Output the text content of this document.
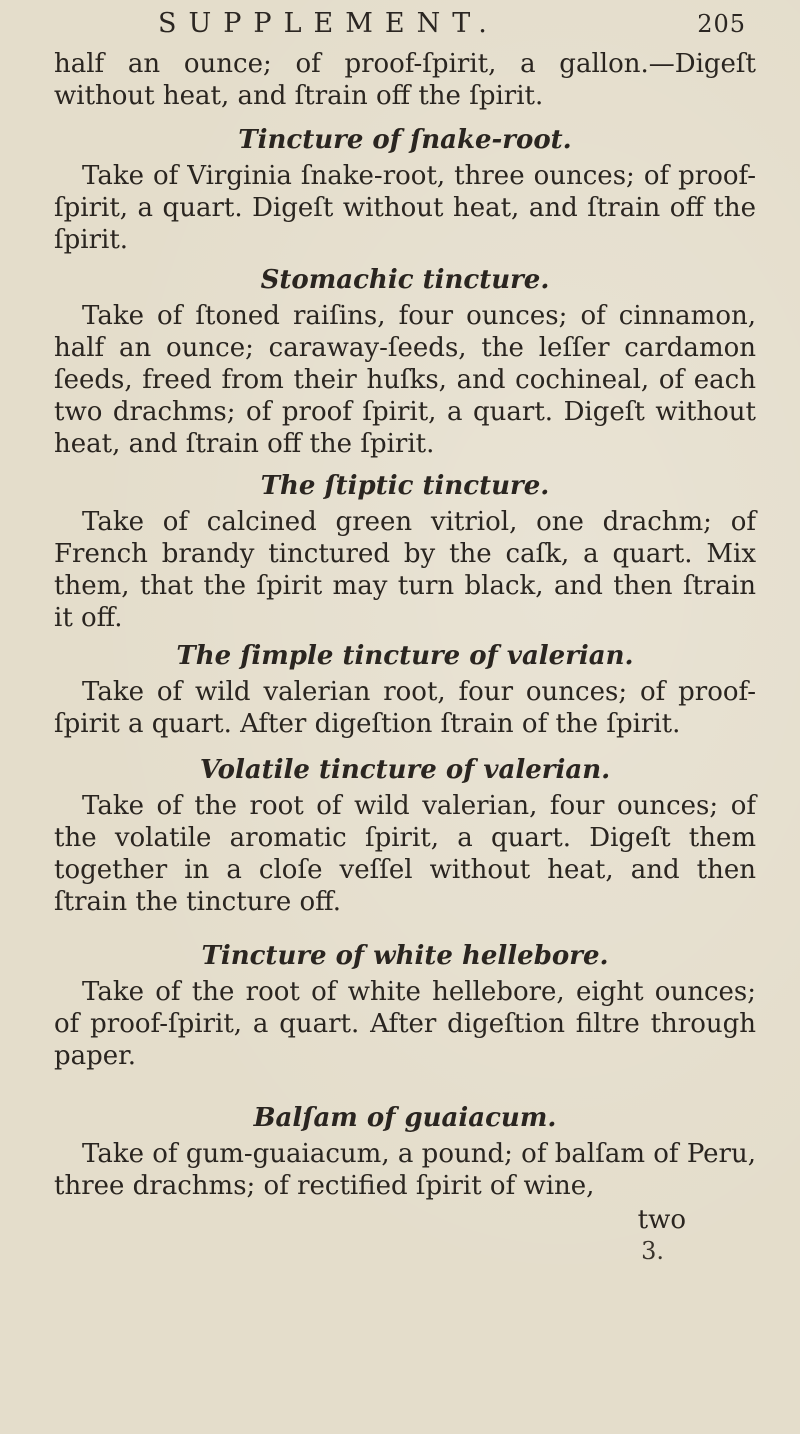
SUPPLEMENT.	205

half an ounce; of proof-ſpirit, a gallon.—Digeſt without heat, and ſtrain off the ſpirit.

Tincture of ſnake-root.

Take of Virginia ſnake-root, three ounces; of proof-ſpirit, a quart. Digeſt without heat, and ſtrain off the ſpirit.

Stomachic tincture.

Take of ſtoned raiſins, four ounces; of cinnamon, half an ounce; caraway-ſeeds, the leſſer cardamon ſeeds, freed from their huſks, and cochineal, of each two drachms; of proof ſpirit, a quart. Digeſt without heat, and ſtrain off the ſpirit.

The ſtiptic tincture.

Take of calcined green vitriol, one drachm; of French brandy tinctured by the caſk, a quart. Mix them, that the ſpirit may turn black, and then ſtrain it off.

The ſimple tincture of valerian.

Take of wild valerian root, four ounces; of proof-ſpirit a quart. After digeſtion ſtrain of the ſpirit.

Volatile tincture of valerian.

Take of the root of wild valerian, four ounces; of the volatile aromatic ſpirit, a quart. Digeſt them together in a cloſe veſſel without heat, and then ſtrain the tincture off.

Tincture of white hellebore.

Take of the root of white hellebore, eight ounces; of proof-ſpirit, a quart. After digeſtion filtre through paper.

Balſam of guaiacum.

Take of gum-guaiacum, a pound; of balſam of Peru, three drachms; of rectified ſpirit of wine,

two
3.
